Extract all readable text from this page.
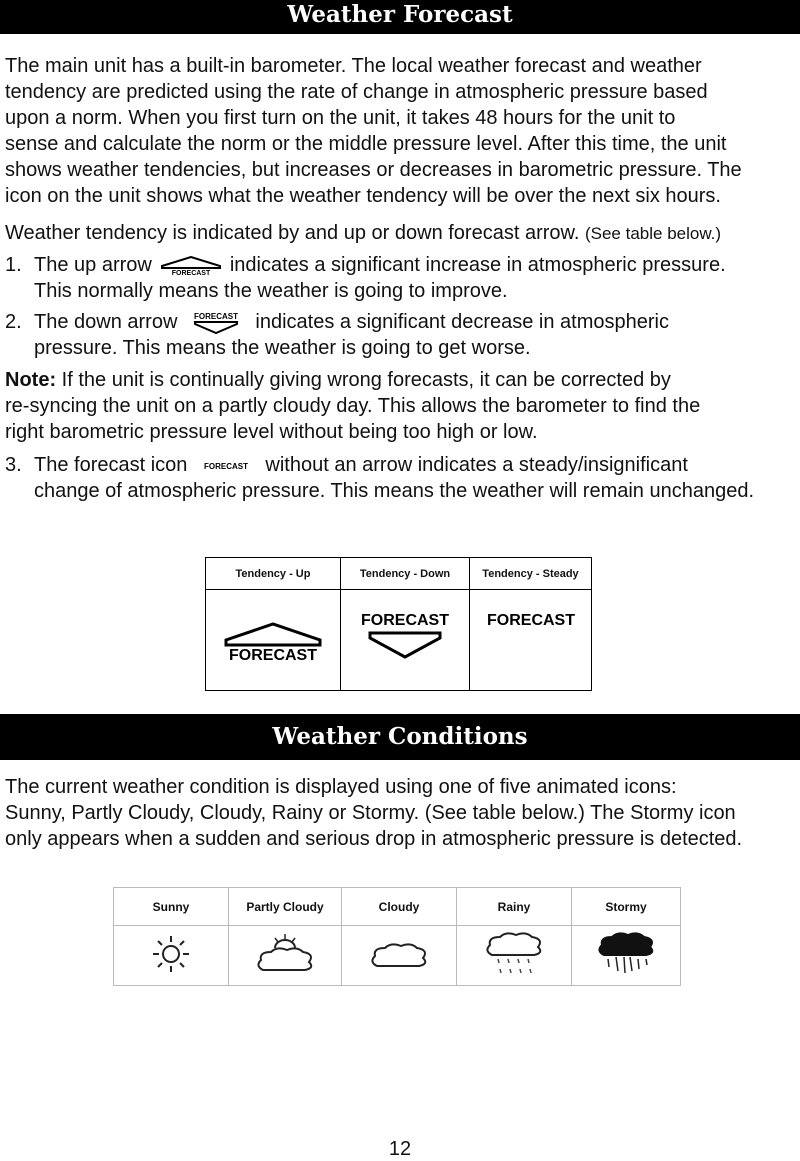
Weather Forecast
The main unit has a built-in barometer. The local weather forecast and weather
tendency are predicted using the rate of change in atmospheric pressure based
upon a norm. When you first turn on the unit, it takes 48 hours for the unit to
sense and calculate the norm or the middle pressure level. After this time, the unit
shows weather tendencies, but increases or decreases in barometric pressure. The
icon on the unit shows what the weather tendency will be over the next six hours.
Weather tendency is indicated by and up or down forecast arrow. (See table below.)
1. The up arrow	FORECAST indicates a significant increase in atmospheric pressure.
This normally means the weather is going to improve.
2. The down arrow FORECAST indicates a significant decrease in atmospheric
pressure. This means the weather is going to get worse.
Note: If the unit is continually giving wrong forecasts, it can be corrected by
re-syncing the unit on a partly cloudy day. This allows the barometer to find the
right barometric pressure level without being too high or low.
3. The forecast icon FORECAST without an arrow indicates a steady/insignificant
change of atmospheric pressure. This means the weather will remain unchanged.
Tendency - Up	Tendency - Down	Tendency - Steady

FORECAST	FORECAST	FORECAST
Weather Conditions
The current weather condition is displayed using one of five animated icons:
Sunny, Partly Cloudy, Cloudy, Rainy or Stormy. (See table below.) The Stormy icon
only appears when a sudden and serious drop in atmospheric pressure is detected.
Sunny	Partly Cloudy	Cloudy	Rainy	Stormy

12
